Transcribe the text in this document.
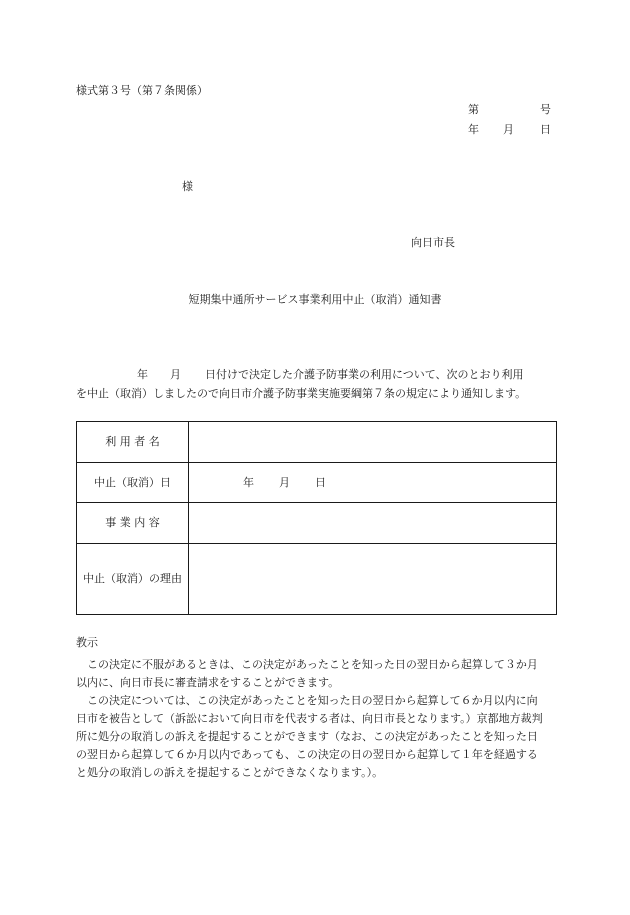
様式第３号（第７条関係）
第	号
年 月 日
様
向日市長
短期集中通所サービス事業利用中止（取消）通知書
年 月 日付けで決定した介護予防事業の利用について、次のとおり利用
を中止（取消）しましたので向日市介護予防事業実施要綱第７条の規定により通知します。
利 用 者 名	
中止（取消）日	年 月 日
事 業 内 容	
中止（取消）の理由	
教示
　この決定に不服があるときは、この決定があったことを知った日の翌日から起算して３か月
以内に、向日市長に審査請求をすることができます。
　この決定については、この決定があったことを知った日の翌日から起算して６か月以内に向
日市を被告として（訴訟において向日市を代表する者は、向日市長となります。）京都地方裁判
所に処分の取消しの訴えを提起することができます（なお、この決定があったことを知った日
の翌日から起算して６か月以内であっても、この決定の日の翌日から起算して１年を経過する
と処分の取消しの訴えを提起することができなくなります。）。
